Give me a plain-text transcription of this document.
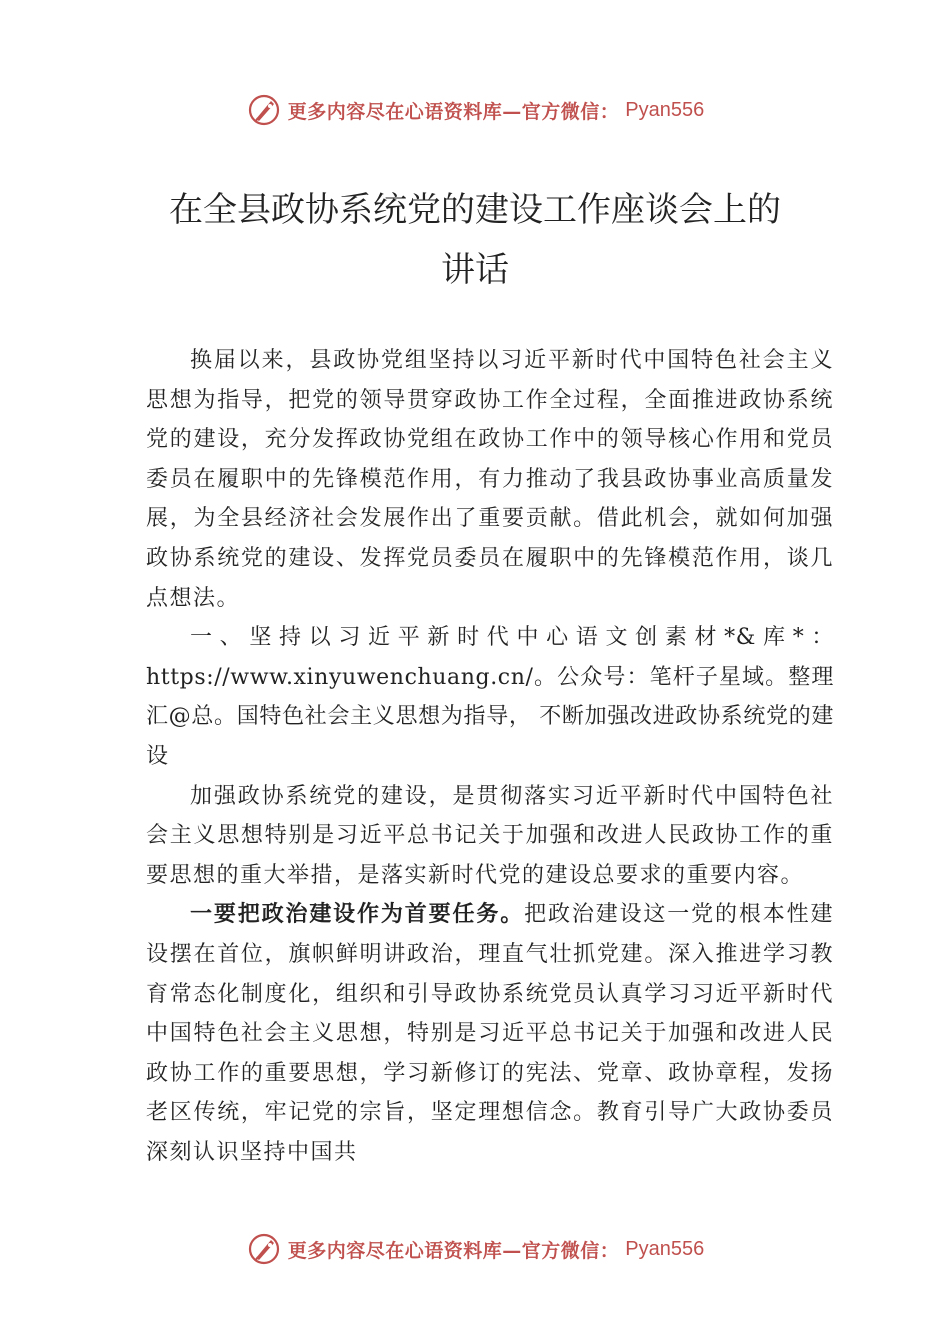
更多内容尽在心语资料库—官方微信： Pyan556
在全县政协系统党的建设工作座谈会上的
讲话

换届以来，县政协党组坚持以习近平新时代中国特色社会主义思想为指导，把党的领导贯穿政协工作全过程，全面推进政协系统党的建设，充分发挥政协党组在政协工作中的领导核心作用和党员委员在履职中的先锋模范作用，有力推动了我县政协事业高质量发展，为全县经济社会发展作出了重要贡献。借此机会，就如何加强政协系统党的建设、发挥党员委员在履职中的先锋模范作用，谈几点想法。

一、坚持以习近平新时代中心语文创素材*&库*：https://www.xinyuwenchuang.cn/。公众号：笔杆子星域。整理汇@总。国特色社会主义思想为指导， 不断加强改进政协系统党的建设

加强政协系统党的建设，是贯彻落实习近平新时代中国特色社会主义思想特别是习近平总书记关于加强和改进人民政协工作的重要思想的重大举措，是落实新时代党的建设总要求的重要内容。

一要把政治建设作为首要任务。把政治建设这一党的根本性建设摆在首位，旗帜鲜明讲政治，理直气壮抓党建。深入推进学习教育常态化制度化，组织和引导政协系统党员认真学习习近平新时代中国特色社会主义思想，特别是习近平总书记关于加强和改进人民政协工作的重要思想，学习新修订的宪法、党章、政协章程，发扬老区传统，牢记党的宗旨，坚定理想信念。教育引导广大政协委员深刻认识坚持中国共

更多内容尽在心语资料库—官方微信： Pyan556
